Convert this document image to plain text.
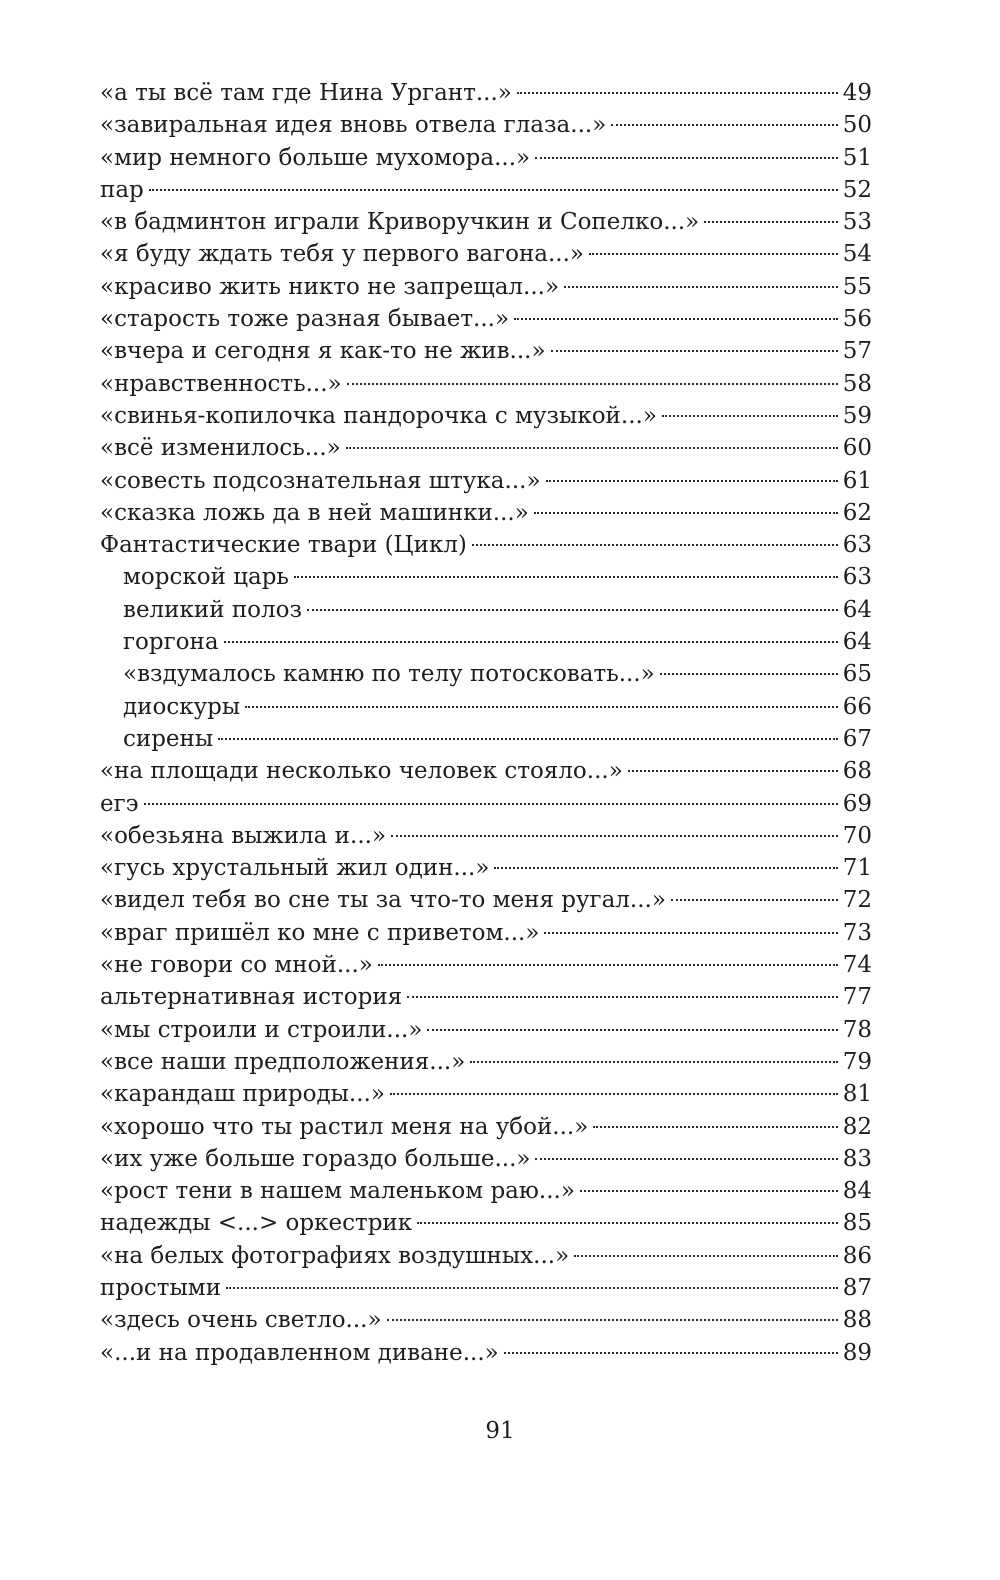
«а ты всё там где Нина Ургант...»	49
«завиральная идея вновь отвела глаза...»	50
«мир немного больше мухомора...»	51
пар	52
«в бадминтон играли Криворучкин и Сопелко...»	53
«я буду ждать тебя у первого вагона...»	54
«красиво жить никто не запрещал...»	55
«старость тоже разная бывает...»	56
«вчера и сегодня я как-то не жив...»	57
«нравственность...»	58
«свинья-копилочка пандорочка с музыкой...»	59
«всё изменилось...»	60
«совесть подсознательная штука...»	61
«сказка ложь да в ней машинки...»	62
Фантастические твари (Цикл)	63
морской царь	63
великий полоз	64
горгона	64
«вздумалось камню по телу потосковать...»	65
диоскуры	66
сирены	67
«на площади несколько человек стояло...»	68
егэ	69
«обезьяна выжила и...»	70
«гусь хрустальный жил один...»	71
«видел тебя во сне ты за что-то меня ругал...»	72
«враг пришёл ко мне с приветом...»	73
«не говори со мной...»	74
альтернативная история	77
«мы строили и строили...»	78
«все наши предположения...»	79
«карандаш природы...»	81
«хорошо что ты растил меня на убой...»	82
«их уже больше гораздо больше...»	83
«рост тени в нашем маленьком раю...»	84
надежды <...> оркестрик	85
«на белых фотографиях воздушных...»	86
простыми	87
«здесь очень светло...»	88
«...и на продавленном диване...»	89
91
